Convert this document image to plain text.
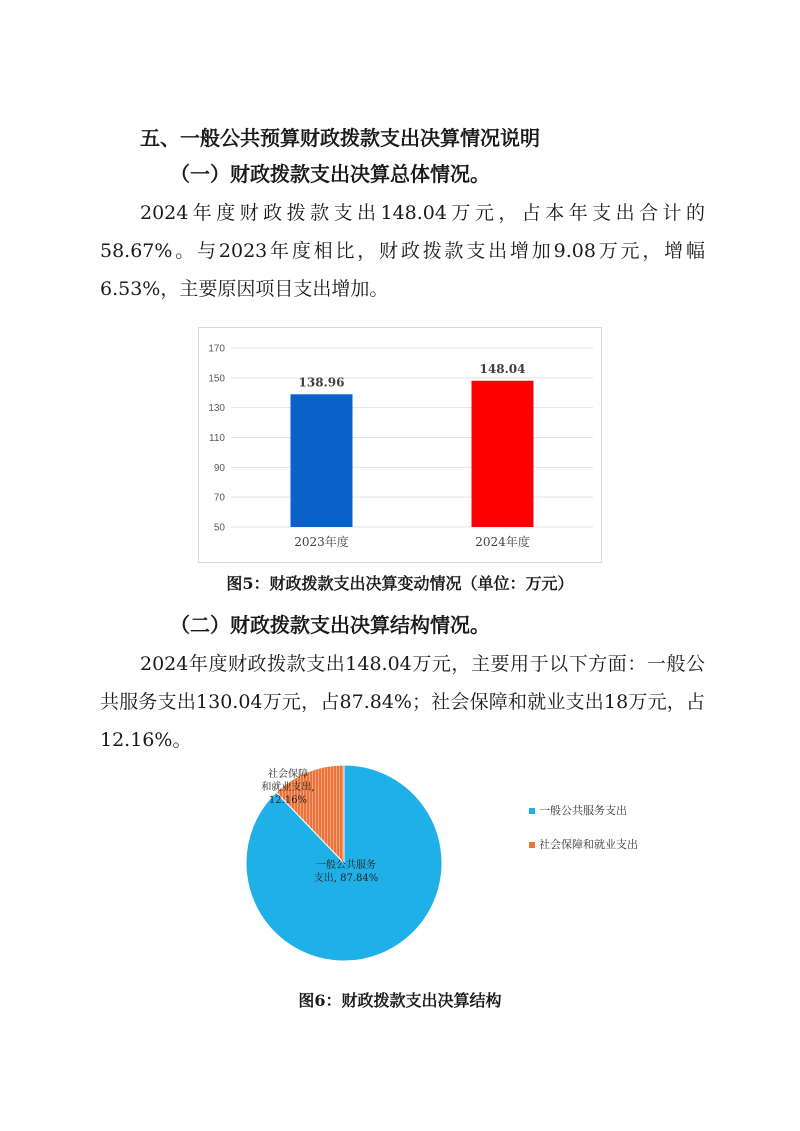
五、一般公共预算财政拨款支出决算情况说明
（一）财政拨款支出决算总体情况。
2024年度财政拨款支出148.04万元，占本年支出合计的58.67%。与2023年度相比，财政拨款支出增加9.08万元，增幅6.53%，主要原因项目支出增加。
50
70
90
110
130
150
170
138.96
2023年度
148.04
2024年度
图5：财政拨款支出决算变动情况（单位：万元）
（二）财政拨款支出决算结构情况。
2024年度财政拨款支出148.04万元，主要用于以下方面：一般公共服务支出130.04万元，占87.84%；社会保障和就业支出18万元，占12.16%。
一般公共服务
支出, 87.84%
社会保障
和就业支出,
12.16%
一般公共服务支出
社会保障和就业支出
图6：财政拨款支出决算结构
